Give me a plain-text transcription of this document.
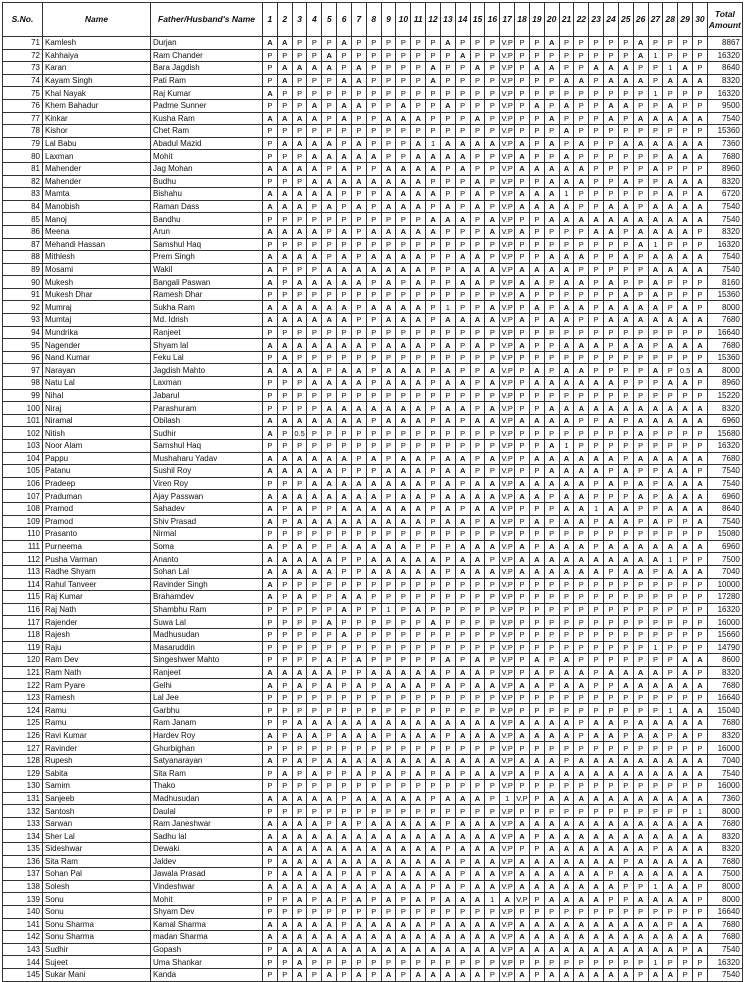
S.No.	Name	Father/Husband's Name	1	2	3	4	5	6	7	8	9	10	11	12	13	14	15	16	17	18	19	20	21	22	23	24	25	26	27	28	29	30	Total Amount
71	Kamlesh	Durjan	A	A	P	P	P	A	P	P	P	P	P	P	A	P	P	P	V.P	P	P	A	P	P	P	P	P	A	P	P	P	P	8867
72	Kahhaiya	Ram Chander	P	P	P	P	A	P	P	P	P	P	P	P	P	A	P	P	V.P	P	P	P	P	P	P	P	P	A	1	P	P	P	16320
73	Karan	Bara Jagdish	P	A	A	A	A	P	A	P	P	P	P	A	P	P	A	P	V.P	P	A	A	P	P	A	A	A	P	P	1	A	P	8640
74	Kayam Singh	Pati Ram	P	A	P	P	P	A	A	P	P	P	P	A	P	P	P	P	V.P	P	P	P	A	A	P	A	A	A	P	A	A	A	8320
75	Khal Nayak	Raj Kumar	A	P	P	P	P	P	P	P	P	P	P	P	P	P	P	P	V.P	P	P	P	P	P	P	P	P	P	1	P	P	P	16320
76	Khem Bahadur	Padme Sunner	P	P	P	A	P	A	A	P	P	A	P	P	A	P	P	P	V.P	P	A	P	A	P	P	A	A	P	P	A	P	P	9500
77	Kinkar	Kusha Ram	A	A	A	A	P	A	P	P	A	A	A	P	P	P	A	P	V.P	P	P	A	P	P	P	A	P	A	A	A	A	A	7540
78	Kishor	Chet Ram	P	P	P	P	P	P	P	P	P	P	P	P	P	P	P	P	V.P	P	P	P	A	P	P	P	P	P	P	P	P	P	15360
79	Lal Babu	Abadul Mazid	P	A	A	A	A	P	A	P	P	P	A	1	A	A	A	A	V.P	A	P	A	P	A	P	P	A	A	A	A	A	A	7360
80	Laxman	Mohit	P	P	P	A	A	A	A	A	P	P	A	A	A	A	P	P	V.P	A	P	P	A	P	P	P	P	P	P	A	A	A	7680
81	Mahender	Jag Mohan	A	A	A	A	P	A	P	P	A	A	A	A	P	A	P	P	V.P	A	A	A	A	A	P	P	P	P	A	P	P	P	8960
82	Mahender	Budhu	P	P	P	A	A	A	A	A	A	A	A	P	P	P	A	P	V.P	P	P	A	A	A	P	P	A	P	P	A	A	A	8320
83	Mamta	Bishahu	A	A	A	A	A	P	P	P	A	A	A	A	P	P	A	P	V.P	A	A	A	1	P	P	P	P	P	P	A	P	A	6720
84	Manobish	Raman Dass	A	A	A	P	A	P	A	P	A	A	A	P	A	P	A	P	V.P	A	A	A	A	P	P	A	A	P	A	A	A	A	7540
85	Manoj	Bandhu	P	P	P	P	P	P	P	P	P	P	P	A	A	A	P	A	V.P	P	P	A	A	A	A	A	A	A	A	A	A	A	7540
86	Meena	Arun	A	A	A	A	P	A	P	A	A	A	A	A	P	P	P	A	V.P	A	P	P	P	P	A	A	P	A	A	A	A	P	8320
87	Mehandi Hassan	Samshul Haq	P	P	P	P	P	P	P	P	P	P	P	P	P	P	P	P	V.P	P	P	P	P	P	P	P	P	A	1	P	P	P	16320
88	Mithlesh	Prem Singh	A	A	A	A	P	A	P	A	A	A	A	P	P	A	A	P	V.P	P	P	A	A	A	P	P	A	P	A	A	A	A	7540
89	Mosami	Wakil	A	P	P	P	A	A	A	A	A	A	A	P	P	A	A	A	V.P	A	A	A	A	P	P	P	P	P	A	A	A	A	7540
90	Mukesh	Bangali Paswan	A	P	A	A	A	A	A	P	A	P	A	P	P	A	A	P	V.P	A	A	P	A	A	P	A	P	P	A	P	P	P	8160
91	Mukesh Dhar	Ramesh Dhar	P	P	P	P	P	P	P	P	P	P	P	P	P	P	P	P	V.P	A	P	P	P	P	P	P	A	P	A	P	P	P	15360
92	Mumraj	Sukha Ram	A	A	A	A	A	A	P	A	A	A	A	P	1	P	P	A	V.P	P	A	P	A	A	P	A	A	A	A	P	A	P	8000
93	Mumtaj	Md. Idrish	A	A	A	A	A	A	P	P	A	A	A	P	A	A	A	A	V.P	A	P	A	A	P	P	A	A	A	A	A	A	A	7680
94	Mundrika	Ranjeet	P	P	P	P	P	P	P	P	P	P	P	P	P	P	P	P	V.P	P	P	P	P	P	P	P	P	P	P	P	P	P	16640
95	Nagender	Shyam lal	A	A	A	A	A	A	A	P	A	A	A	P	A	P	A	P	V.P	A	P	P	A	A	A	P	A	A	P	A	A	A	7680
96	Nand Kumar	Feku Lal	P	A	P	P	P	P	P	P	P	P	P	P	P	P	P	P	V.P	P	P	P	P	P	P	P	P	P	P	P	P	P	15360
97	Narayan	Jagdish Mahto	A	A	A	A	P	A	A	P	A	A	A	P	A	P	P	A	V.P	P	A	P	A	A	P	P	P	P	A	P	0.5	A	8000
98	Natu Lal	Laxman	P	P	P	A	A	A	A	P	A	A	A	P	A	A	P	A	V.P	P	A	A	A	A	A	A	P	P	P	A	A	P	8960
99	Nihal	Jabarul	P	P	P	P	P	P	P	P	P	P	P	P	P	P	P	P	V.P	P	P	P	P	P	P	P	P	P	P	P	P	P	15220
100	Niraj	Parashuram	P	P	P	P	A	A	A	A	A	A	A	P	A	A	P	A	V.P	P	P	A	A	A	A	A	A	A	A	A	A	A	8320
101	Niramal	Obilash	A	A	A	A	A	A	A	P	A	A	A	P	A	P	A	A	V.P	A	A	A	A	P	P	A	P	A	A	A	A	A	6960
102	Nitish	Sudhir	A	P	0.5	P	P	P	P	P	P	P	P	P	P	P	P	P	V.P	P	P	P	P	P	P	P	P	A	P	P	P	P	15680
103	Noor Alam	Samshul Haq	P	P	P	P	P	P	P	P	P	P	P	P	P	P	P	P	V.P	P	P	A	1	P	P	P	P	P	P	P	P	P	16320
104	Pappu	Mushaharu Yadav	A	A	A	A	A	A	P	A	P	A	A	P	A	A	P	A	V.P	P	A	A	A	A	A	A	P	A	A	A	A	A	7680
105	Patanu	Sushil Roy	A	A	A	A	A	P	P	P	A	A	A	P	A	A	P	P	V.P	P	P	A	A	A	A	P	A	P	P	A	A	P	7540
106	Pradeep	Viren Roy	P	P	P	A	A	A	A	A	A	A	A	P	A	P	A	A	V.P	A	A	A	A	A	P	A	P	A	P	A	A	A	7540
107	Praduman	Ajay Passwan	A	A	A	A	A	A	A	A	P	A	A	P	A	A	A	A	V.P	A	A	P	A	A	P	P	P	A	P	A	A	A	6960
108	Pramod	Sahadev	A	P	A	P	P	A	A	A	A	A	A	P	A	P	A	A	V.P	P	P	P	A	A	1	A	A	P	P	A	A	A	8640
109	Pramod	Shiv Prasad	A	P	A	A	A	A	A	A	A	A	A	P	A	A	P	A	V.P	P	A	P	A	A	P	A	A	P	A	P	P	A	7540
110	Prasanto	Nirmal	P	P	P	P	P	P	P	P	P	P	P	P	P	P	P	P	V.P	P	P	P	P	P	P	P	P	P	P	P	P	P	15080
111	Purneema	Soma	A	P	A	P	P	A	A	A	A	A	P	P	P	A	A	A	V.P	A	P	A	A	A	P	A	A	A	A	A	A	A	6960
112	Pusha Varman	Ananto	A	A	A	A	A	P	P	A	A	A	A	A	P	A	A	P	V.P	A	A	A	A	A	A	A	A	A	A	1	P	P	7500
113	Radhe Shyam	Sohan Lal	A	A	A	A	A	P	P	A	A	A	A	A	P	A	A	A	V.P	A	A	A	A	A	A	P	A	A	P	A	A	A	7040
114	Rahul Tanveer	Ravinder Singh	A	P	P	P	P	P	P	P	P	P	P	P	P	P	P	P	V.P	P	P	P	P	P	P	P	P	P	P	P	P	P	10000
115	Raj Kumar	Brahamdev	A	P	A	P	P	A	A	P	P	P	P	P	P	P	P	P	V.P	P	P	P	P	P	P	P	P	P	P	P	P	P	17280
116	Raj Nath	Shambhu Ram	P	P	P	P	P	A	P	P	1	P	A	P	P	P	P	P	V.P	P	P	P	P	P	P	P	P	P	P	P	P	P	16320
117	Rajender	Suwa Lal	P	P	P	P	A	P	P	P	P	P	P	A	P	P	P	P	V.P	P	P	P	P	P	P	P	P	P	P	P	P	P	16000
118	Rajesh	Madhusudan	P	P	P	P	P	A	P	P	P	P	P	P	P	P	P	P	V.P	P	P	P	P	P	P	P	P	P	P	P	P	P	15660
119	Raju	Masaruddin	P	P	P	P	P	P	P	P	P	P	P	P	P	P	P	P	V.P	P	P	P	P	P	P	P	P	P	1	P	P	P	14790
120	Ram Dev	Singeshwer Mahto	P	P	P	P	A	P	A	P	P	P	P	P	A	P	A	P	V.P	P	A	P	A	P	P	P	P	P	P	P	A	A	8600
121	Ram Nath	Ranjeet	A	A	A	A	A	P	P	A	A	A	A	A	P	A	A	P	V.P	P	A	P	A	A	P	A	A	A	A	P	A	P	8320
122	Ram Pyare	Gelhi	A	P	A	P	A	P	A	P	A	A	A	P	A	P	A	A	V.P	A	A	P	A	A	P	P	A	A	A	A	A	A	7680
123	Ramesh	Lal Jee	P	P	P	P	P	P	P	P	P	P	P	P	P	P	P	P	V.P	P	P	P	P	P	P	P	P	P	P	P	P	P	16640
124	Ramu	Garbhu	P	P	P	P	P	P	P	P	P	P	P	P	P	P	P	P	V.P	P	P	P	P	P	P	P	P	P	P	1	A	A	15040
125	Ramu	Ram Janam	P	P	A	A	A	A	A	A	A	A	A	A	A	A	A	A	V.P	A	A	A	A	P	A	A	P	A	A	A	A	A	7680
126	Ravi Kumar	Hardev Roy	A	P	A	A	P	A	A	A	P	A	A	A	P	A	A	A	V.P	A	A	A	A	P	A	A	P	A	A	P	A	P	8320
127	Ravinder	Ghurbighan	P	P	P	P	P	P	P	P	P	P	P	P	P	P	P	P	V.P	P	P	P	P	P	P	P	P	P	P	P	P	P	16000
128	Rupesh	Satyanarayan	A	P	A	P	A	A	A	A	A	A	A	A	A	A	A	A	V.P	A	A	A	P	A	A	A	A	A	A	A	A	A	7040
129	Sabita	Sita Ram	P	A	P	A	P	P	A	P	A	P	A	P	A	P	A	A	V.P	A	P	A	A	A	A	A	A	A	A	A	A	A	7540
130	Samim	Thako	P	P	P	P	P	P	P	P	P	P	P	P	P	P	P	P	V.P	P	P	P	P	P	P	P	P	P	P	P	P	P	16000
131	Sanjeeb	Madhusudan	A	A	A	A	A	P	A	A	A	A	A	P	A	A	A	P	1	V.P	P	A	A	A	A	A	A	A	A	A	A	A	7360
132	Santosh	Daulal	P	P	P	P	P	P	P	P	P	P	P	P	P	P	P	P	V.P	P	P	P	P	P	P	P	P	P	P	P	P	1	8000
133	Sarwan	Ram Janeshwar	A	A	A	A	P	A	P	A	A	A	A	A	P	A	A	A	V.P	A	A	A	A	A	A	A	A	A	A	A	A	A	7680
134	Sher Lal	Sadhu lal	A	A	A	A	A	A	A	A	A	A	A	A	A	A	A	A	V.P	A	P	A	A	A	A	A	A	A	A	A	A	A	8320
135	Sideshwar	Dewaki	A	A	A	A	A	A	A	A	A	A	A	A	P	A	A	A	V.P	P	P	A	A	A	A	A	A	A	P	A	A	A	8320
136	Sita Ram	Jaldev	P	A	A	A	A	A	A	A	A	A	A	A	A	P	A	A	V.P	A	A	A	A	A	A	A	P	A	A	A	A	A	7680
137	Sohan Pal	Jawala Prasad	P	A	A	A	A	P	A	P	A	A	A	A	A	P	A	A	V.P	A	A	A	A	A	A	P	A	A	A	A	A	A	7500
138	Solesh	Vindeshwar	A	A	A	A	A	A	A	A	A	A	A	P	A	P	A	A	V.P	A	A	A	A	A	A	A	P	P	1	A	A	P	8000
139	Sonu	Mohit	P	P	A	P	A	P	A	P	A	P	A	P	A	A	A	1	A	V.P	P	A	A	A	A	P	P	A	A	A	A	P	8000
140	Sonu	Shyam Dev	P	P	P	P	P	P	P	P	P	P	P	P	P	P	P	P	V.P	P	P	P	P	P	P	P	P	P	P	P	P	P	16640
141	Sonu Sharma	Kamal Sharma	A	A	A	A	A	P	A	A	A	A	A	P	A	A	A	A	V.P	A	A	A	A	A	A	A	A	A	A	P	A	A	7680
142	Sonu Sharma	madan Sharma	A	A	A	A	A	A	A	A	A	A	A	A	A	A	A	A	V.P	A	A	A	A	A	A	A	A	A	A	A	A	A	7680
143	Sudhir	Gopash	P	A	A	A	A	A	A	A	A	A	A	A	A	A	A	A	V.P	A	A	A	A	A	A	A	A	A	A	A	P	A	7540
144	Sujeet	Uma Shankar	P	P	A	P	P	P	P	P	P	P	P	P	P	P	P	P	V.P	P	P	P	P	P	P	P	P	P	1	P	P	P	16320
145	Sukar Mani	Kanda	P	P	A	P	A	P	A	P	A	P	A	A	A	A	A	P	V.P	A	P	A	A	A	A	A	A	P	A	A	P	P	7540
